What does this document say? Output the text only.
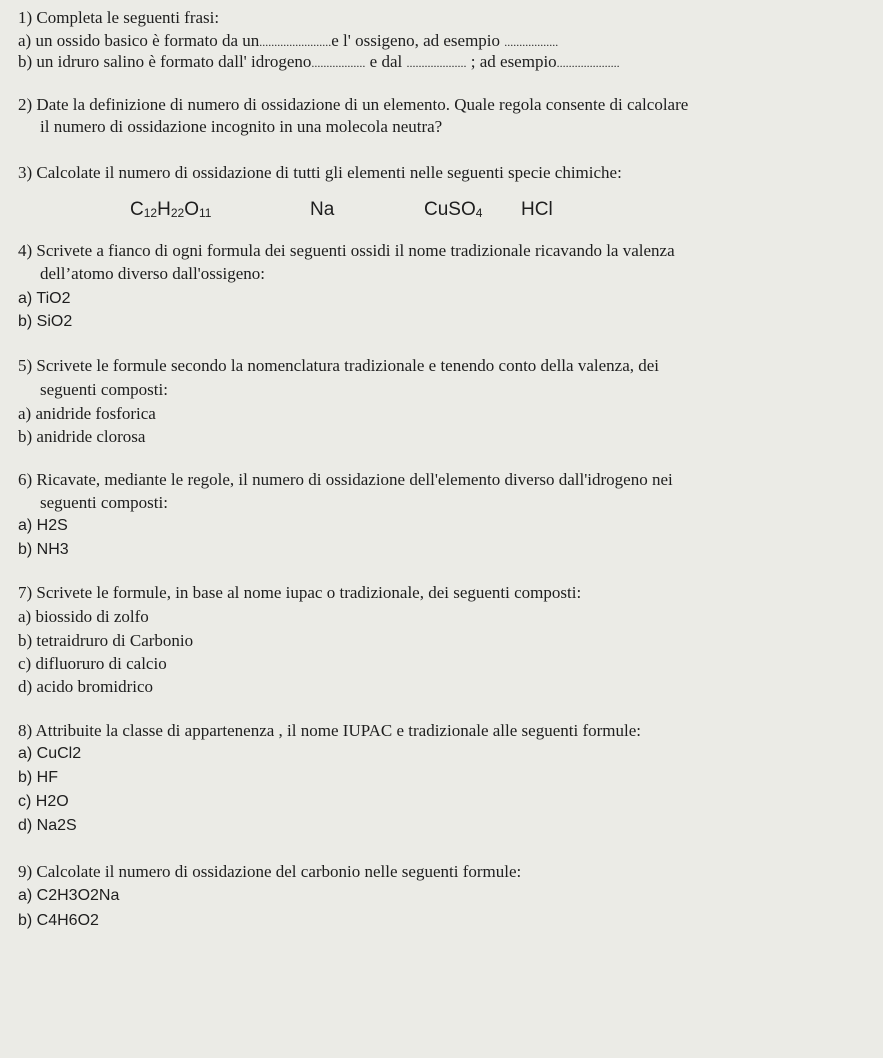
1) Completa le seguenti frasi:
a) un ossido basico è formato da un........................e l' ossigeno, ad esempio ..................
b) un idruro salino è formato dall' idrogeno.................. e dal .................... ; ad esempio.....................
2) Date la definizione di numero di ossidazione di un elemento. Quale regola consente di calcolare
il numero di ossidazione incognito in una molecola neutra?
3) Calcolate il numero di ossidazione di tutti gli elementi nelle seguenti specie chimiche:
$C_{12}H_{22}O_{11}$	Na	CuSO$_4$ HCl
4) Scrivete a fianco di ogni formula dei seguenti ossidi il nome tradizionale ricavando la valenza
dell’atomo diverso dall'ossigeno:
a) TiO2
b) SiO2
5) Scrivete le formule secondo la nomenclatura tradizionale e tenendo conto della valenza, dei
seguenti composti:
a) anidride fosforica
b) anidride clorosa
6) Ricavate, mediante le regole, il numero di ossidazione dell'elemento diverso dall'idrogeno nei
seguenti composti:
a) H2S
b) NH3
7) Scrivete le formule, in base al nome iupac o tradizionale, dei seguenti composti:
a) biossido di zolfo
b) tetraidruro di Carbonio
c) difluoruro di calcio
d) acido bromidrico
8) Attribuite la classe di appartenenza , il nome IUPAC e tradizionale alle seguenti formule:
a) CuCl2
b) HF
c) H2O
d) Na2S
9) Calcolate il numero di ossidazione del carbonio nelle seguenti formule:
a) C2H3O2Na
b) C4H6O2
